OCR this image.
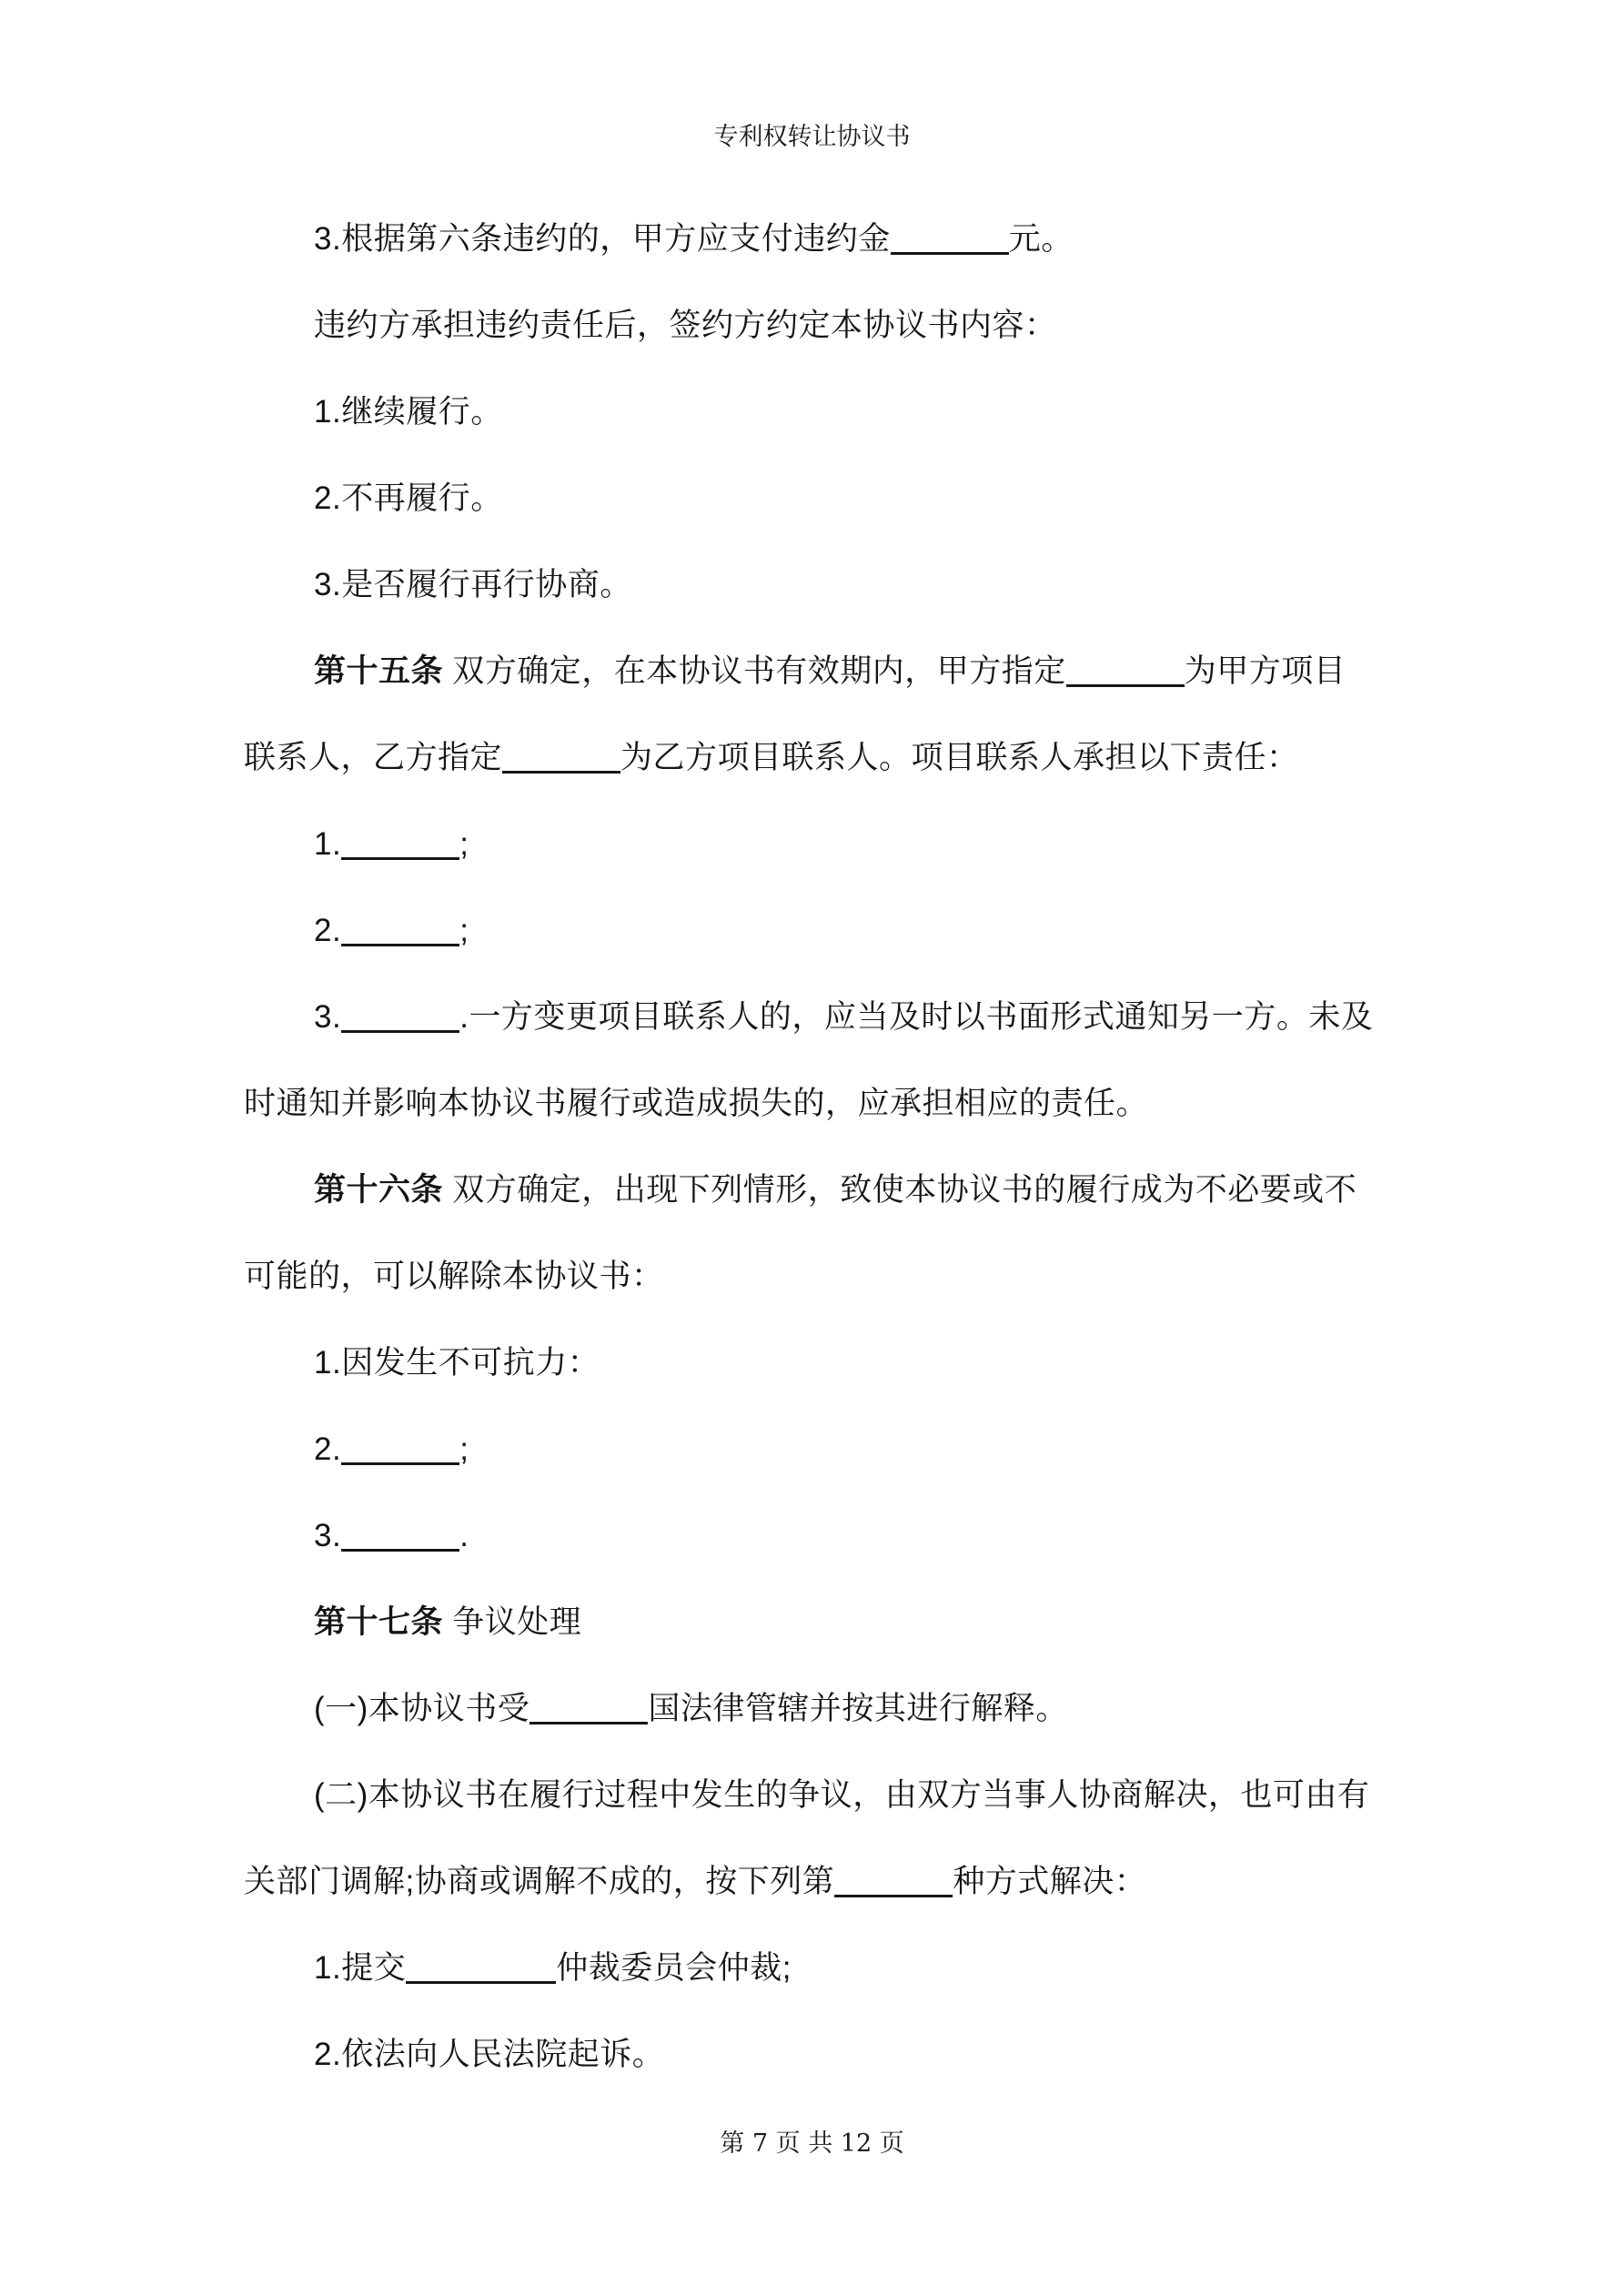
专利权转让协议书
3.根据第六条违约的，甲方应支付违约金	元。
违约方承担违约责任后，签约方约定本协议书内容：
1.继续履行。
2.不再履行。
3.是否履行再行协商。
第十五条 双方确定，在本协议书有效期内，甲方指定	为甲方项目
联系人，乙方指定	为乙方项目联系人。项目联系人承担以下责任：
1.	;
2.	;
3.	.一方变更项目联系人的，应当及时以书面形式通知另一方。未及
时通知并影响本协议书履行或造成损失的，应承担相应的责任。
第十六条 双方确定，出现下列情形，致使本协议书的履行成为不必要或不
可能的，可以解除本协议书：
1.因发生不可抗力：
2.	;
3.	.
第十七条 争议处理
(一)本协议书受	国法律管辖并按其进行解释。
(二)本协议书在履行过程中发生的争议，由双方当事人协商解决，也可由有
关部门调解;协商或调解不成的，按下列第	种方式解决：
1.提交	仲裁委员会仲裁;
2.依法向人民法院起诉。
第 7 页 共 12 页
